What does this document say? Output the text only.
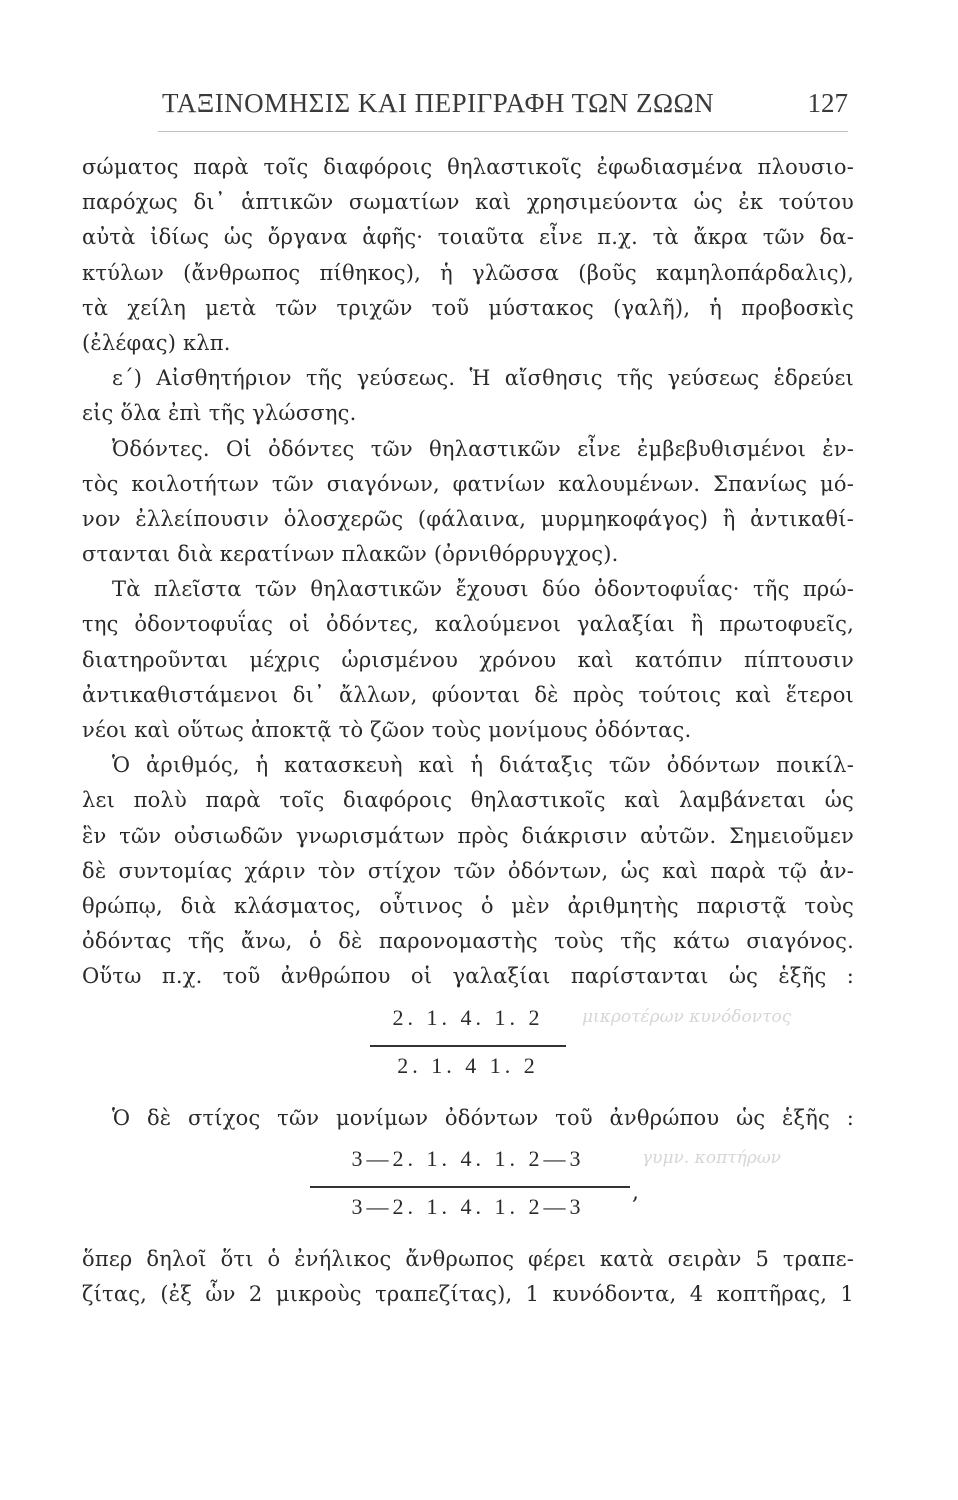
ΤΑΞΙΝΟΜΗΣΙΣ ΚΑΙ ΠΕΡΙΓΡΑΦΗ ΤΩΝ ΖΩΩΝ	127
σώματος παρὰ τοῖς διαφόροις θηλαστικοῖς ἐφωδιασμένα πλουσιο-
παρόχως δι᾽ ἁπτικῶν σωματίων καὶ χρησιμεύοντα ὡς ἐκ τούτου
αὐτὰ ἰδίως ὡς ὄργανα ἁφῆς· τοιαῦτα εἶνε π.χ. τὰ ἄκρα τῶν δα-
κτύλων (ἄνθρωπος πίθηκος), ἡ γλῶσσα (βοῦς καμηλοπάρδαλις),
τὰ χείλη μετὰ τῶν τριχῶν τοῦ μύστακος (γαλῆ), ἡ προβοσκὶς
(ἐλέφας) κλπ.
ε´) Αἰσθητήριον τῆς γεύσεως. Ἡ αἴσθησις τῆς γεύσεως ἑδρεύει
εἰς ὅλα ἐπὶ τῆς γλώσσης.
Ὀδόντες. Οἱ ὀδόντες τῶν θηλαστικῶν εἶνε ἐμβεβυθισμένοι ἐν-
τὸς κοιλοτήτων τῶν σιαγόνων, φατνίων καλουμένων. Σπανίως μό-
νον ἐλλείπουσιν ὁλοσχερῶς (φάλαινα, μυρμηκοφάγος) ἢ ἀντικαθί-
στανται διὰ κερατίνων πλακῶν (ὀρνιθόρρυγχος).
Τὰ πλεῖστα τῶν θηλαστικῶν ἔχουσι δύο ὀδοντοφυΐας· τῆς πρώ-
της ὀδοντοφυΐας οἱ ὀδόντες, καλούμενοι γαλαξίαι ἢ πρωτοφυεῖς,
διατηροῦνται μέχρις ὡρισμένου χρόνου καὶ κατόπιν πίπτουσιν
ἀντικαθιστάμενοι δι᾽ ἄλλων, φύονται δὲ πρὸς τούτοις καὶ ἕτεροι
νέοι καὶ οὕτως ἀποκτᾷ τὸ ζῶον τοὺς μονίμους ὀδόντας.
Ὁ ἀριθμός, ἡ κατασκευὴ καὶ ἡ διάταξις τῶν ὀδόντων ποικίλ-
λει πολὺ παρὰ τοῖς διαφόροις θηλαστικοῖς καὶ λαμβάνεται ὡς
ἓν τῶν οὐσιωδῶν γνωρισμάτων πρὸς διάκρισιν αὐτῶν. Σημειοῦμεν
δὲ συντομίας χάριν τὸν στίχον τῶν ὀδόντων, ὡς καὶ παρὰ τῷ ἀν-
θρώπῳ, διὰ κλάσματος, οὗτινος ὁ μὲν ἀριθμητὴς παριστᾷ τοὺς
ὀδόντας τῆς ἄνω, ὁ δὲ παρονομαστὴς τοὺς τῆς κάτω σιαγόνος.
Οὕτω π.χ. τοῦ ἀνθρώπου οἱ γαλαξίαι παρίστανται ὡς ἑξῆς :
2. 1. 4. 1. 2
2. 1. 4 1. 2
μικροτέρων κυνόδοντος
Ὁ δὲ στίχος τῶν μονίμων ὀδόντων τοῦ ἀνθρώπου ὡς ἑξῆς :
3—2. 1. 4. 1. 2—3
,
3—2. 1. 4. 1. 2—3
γυμν. κοπτήρων
ὅπερ δηλοῖ ὅτι ὁ ἐνήλικος ἄνθρωπος φέρει κατὰ σειρὰν 5 τραπε-
ζίτας, (ἐξ ὧν 2 μικροὺς τραπεζίτας), 1 κυνόδοντα, 4 κοπτῆρας, 1
